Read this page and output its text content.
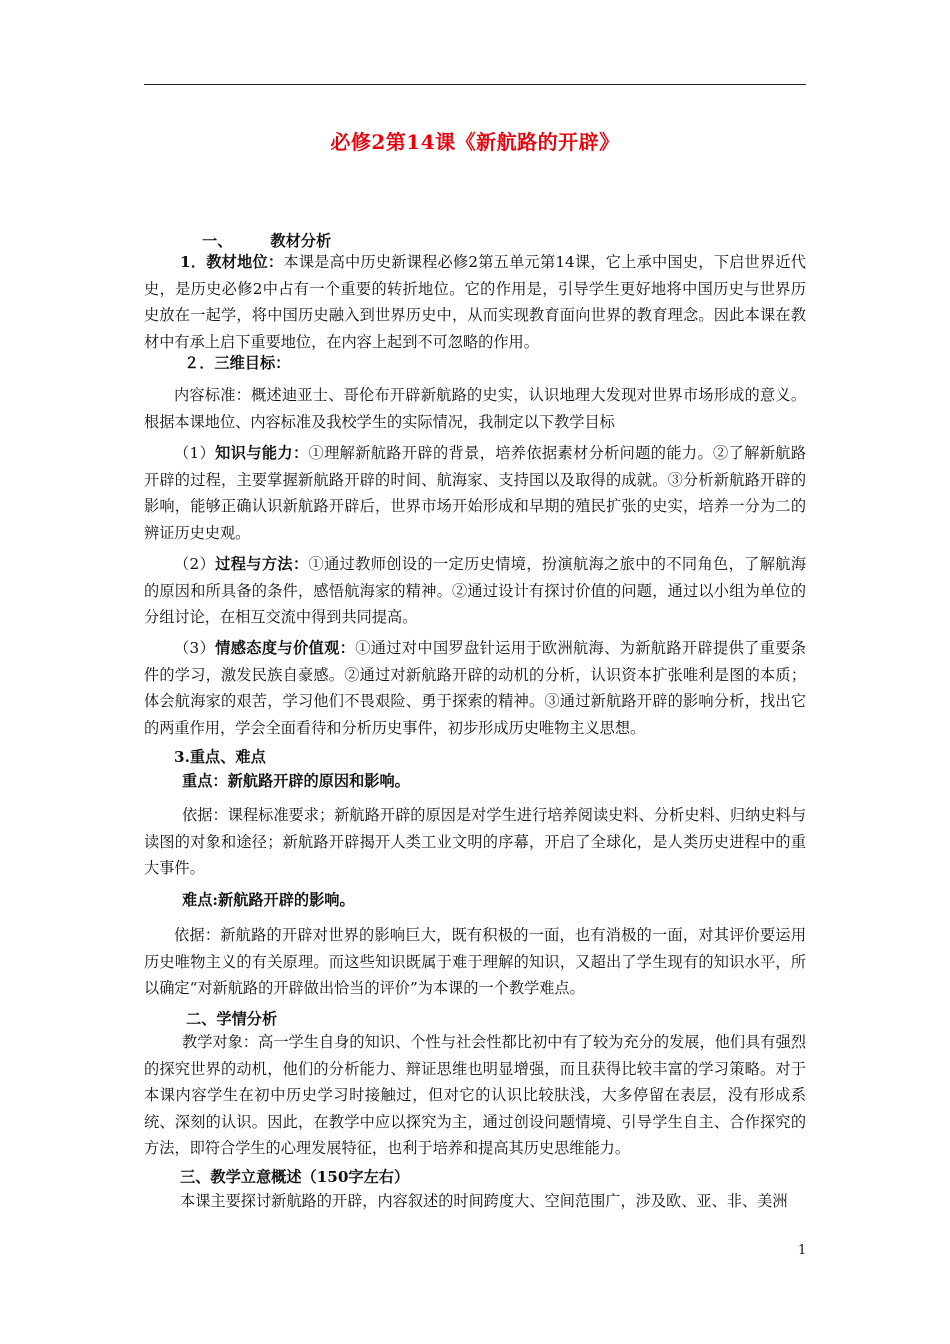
必修2第14课《新航路的开辟》
一、	教材分析
1．教材地位：本课是高中历史新课程必修2第五单元第14课，它上承中国史，下启世界近代史，是历史必修2中占有一个重要的转折地位。它的作用是，引导学生更好地将中国历史与世界历史放在一起学，将中国历史融入到世界历史中，从而实现教育面向世界的教育理念。因此本课在教材中有承上启下重要地位，在内容上起到不可忽略的作用。
２．三维目标：
内容标准：概述迪亚士、哥伦布开辟新航路的史实，认识地理大发现对世界市场形成的意义。根据本课地位、内容标准及我校学生的实际情况，我制定以下教学目标
（1）知识与能力：①理解新航路开辟的背景，培养依据素材分析问题的能力。②了解新航路开辟的过程，主要掌握新航路开辟的时间、航海家、支持国以及取得的成就。③分析新航路开辟的影响，能够正确认识新航路开辟后，世界市场开始形成和早期的殖民扩张的史实，培养一分为二的辨证历史史观。
（2）过程与方法：①通过教师创设的一定历史情境，扮演航海之旅中的不同角色，了解航海的原因和所具备的条件，感悟航海家的精神。②通过设计有探讨价值的问题，通过以小组为单位的分组讨论，在相互交流中得到共同提高。
（3）情感态度与价值观：①通过对中国罗盘针运用于欧洲航海、为新航路开辟提供了重要条件的学习，激发民族自豪感。②通过对新航路开辟的动机的分析，认识资本扩张唯利是图的本质；体会航海家的艰苦，学习他们不畏艰险、勇于探索的精神。③通过新航路开辟的影响分析，找出它的两重作用，学会全面看待和分析历史事件，初步形成历史唯物主义思想。
3.重点、难点
重点：新航路开辟的原因和影响。
依据：课程标准要求；新航路开辟的原因是对学生进行培养阅读史料、分析史料、归纳史料与读图的对象和途径；新航路开辟揭开人类工业文明的序幕，开启了全球化，是人类历史进程中的重大事件。
难点:新航路开辟的影响。
依据：新航路的开辟对世界的影响巨大，既有积极的一面，也有消极的一面，对其评价要运用历史唯物主义的有关原理。而这些知识既属于难于理解的知识，又超出了学生现有的知识水平，所以确定“对新航路的开辟做出恰当的评价”为本课的一个教学难点。
二、学情分析
教学对象：高一学生自身的知识、个性与社会性都比初中有了较为充分的发展，他们具有强烈的探究世界的动机，他们的分析能力、辩证思维也明显增强，而且获得比较丰富的学习策略。对于本课内容学生在初中历史学习时接触过，但对它的认识比较肤浅，大多停留在表层，没有形成系统、深刻的认识。因此，在教学中应以探究为主，通过创设问题情境、引导学生自主、合作探究的方法，即符合学生的心理发展特征，也利于培养和提高其历史思维能力。
三、教学立意概述（150字左右）
本课主要探讨新航路的开辟，内容叙述的时间跨度大、空间范围广，涉及欧、亚、非、美洲
1
